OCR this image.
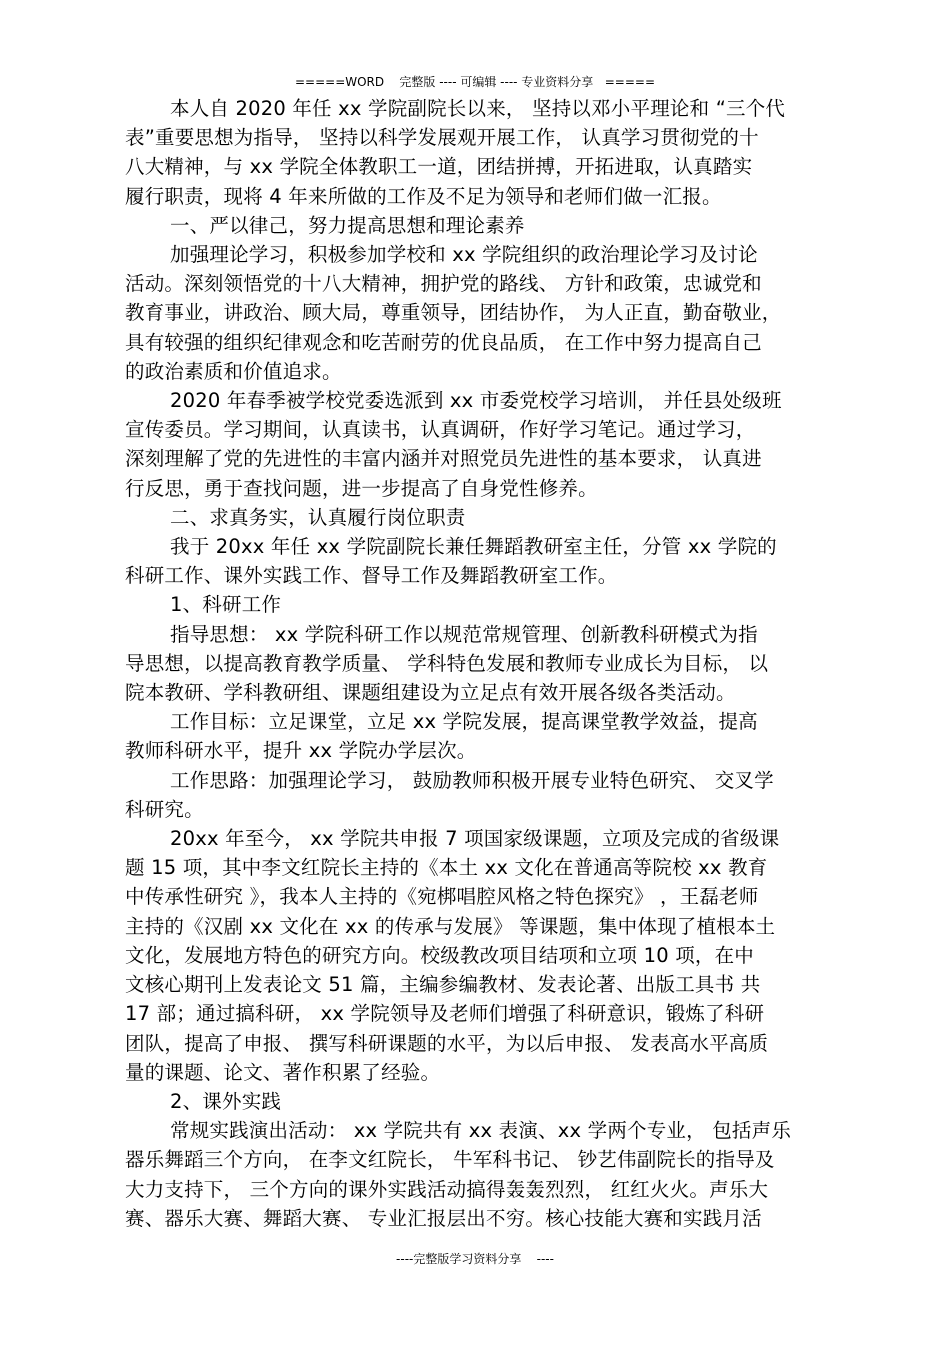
=====WORD    完整版 ---- 可编辑 ---- 专业资料分享   =====
本人自 2020 年任 xx 学院副院长以来， 坚持以邓小平理论和 “三个代
表”重要思想为指导， 坚持以科学发展观开展工作， 认真学习贯彻党的十
八大精神，与 xx 学院全体教职工一道，团结拼搏，开拓进取，认真踏实
履行职责，现将 4 年来所做的工作及不足为领导和老师们做一汇报。
一、严以律己，努力提高思想和理论素养
加强理论学习，积极参加学校和 xx 学院组织的政治理论学习及讨论
活动。深刻领悟党的十八大精神，拥护党的路线、 方针和政策，忠诚党和
教育事业，讲政治、顾大局，尊重领导，团结协作， 为人正直，勤奋敬业，
具有较强的组织纪律观念和吃苦耐劳的优良品质， 在工作中努力提高自己
的政治素质和价值追求。
2020 年春季被学校党委选派到 xx 市委党校学习培训， 并任县处级班
宣传委员。学习期间，认真读书，认真调研，作好学习笔记。通过学习，
深刻理解了党的先进性的丰富内涵并对照党员先进性的基本要求， 认真进
行反思，勇于查找问题，进一步提高了自身党性修养。
二、求真务实，认真履行岗位职责
我于 20xx 年任 xx 学院副院长兼任舞蹈教研室主任，分管 xx 学院的
科研工作、课外实践工作、督导工作及舞蹈教研室工作。
1、科研工作
指导思想： xx 学院科研工作以规范常规管理、创新教科研模式为指
导思想，以提高教育教学质量、 学科特色发展和教师专业成长为目标， 以
院本教研、学科教研组、课题组建设为立足点有效开展各级各类活动。
工作目标：立足课堂，立足 xx 学院发展，提高课堂教学效益，提高
教师科研水平，提升 xx 学院办学层次。
工作思路：加强理论学习， 鼓励教师积极开展专业特色研究、 交叉学
科研究。
20xx 年至今， xx 学院共申报 7 项国家级课题，立项及完成的省级课
题 15 项，其中李文红院长主持的《本土 xx 文化在普通高等院校 xx 教育
中传承性研究 》，我本人主持的《宛梆唱腔风格之特色探究》 ，王磊老师
主持的《汉剧 xx 文化在 xx 的传承与发展》 等课题，集中体现了植根本土
文化，发展地方特色的研究方向。校级教改项目结项和立项 10 项，在中
文核心期刊上发表论文 51 篇，主编参编教材、发表论著、出版工具书 共
17 部；通过搞科研， xx 学院领导及老师们增强了科研意识，锻炼了科研
团队，提高了申报、 撰写科研课题的水平，为以后申报、 发表高水平高质
量的课题、论文、著作积累了经验。
2、课外实践
常规实践演出活动： xx 学院共有 xx 表演、xx 学两个专业， 包括声乐
器乐舞蹈三个方向， 在李文红院长， 牛军科书记、 钞艺伟副院长的指导及
大力支持下， 三个方向的课外实践活动搞得轰轰烈烈， 红红火火。声乐大
赛、器乐大赛、舞蹈大赛、 专业汇报层出不穷。核心技能大赛和实践月活
----完整版学习资料分享    ----
